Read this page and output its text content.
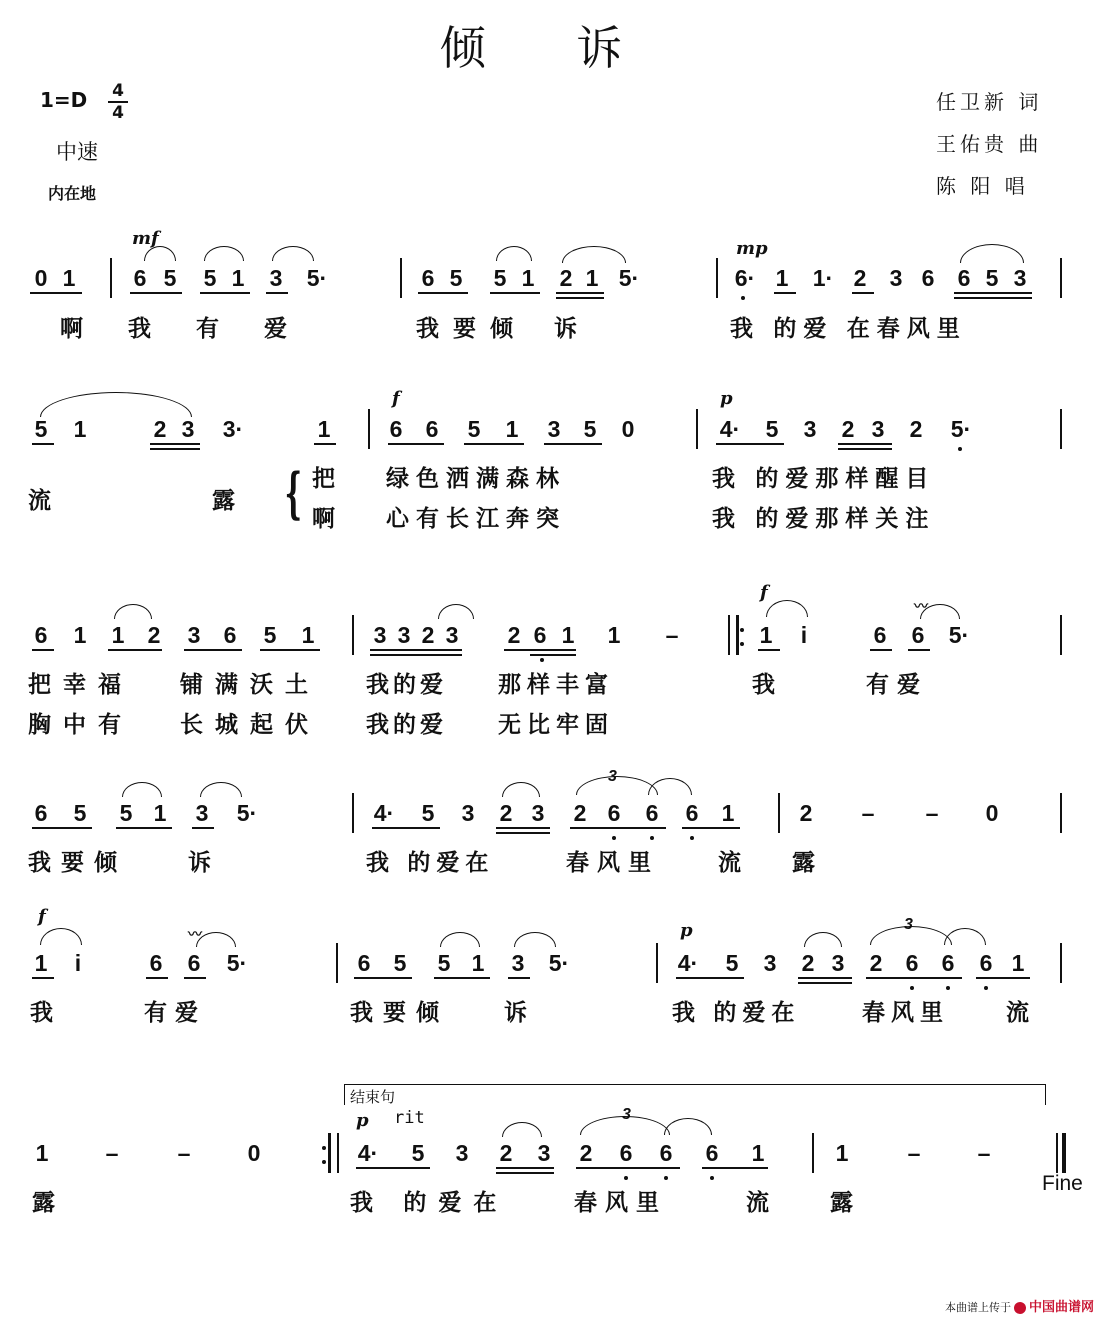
倾 诉
1=D 4
4
中速
内在地
任卫新 词
王佑贵 曲
陈 阳 唱
mf	mp
0 1	6 5 5 1 3 5·	6 5 5 1 2 1 5·	6· 1 1· 2 3 6 6 5 3
啊 我 有 爱	我要倾 诉	我 的爱 在春风里
f	p
5 1	2 3 3·	1	6 6 5 1 3 5 0	4· 5 3 2 3 2 5·
流	露 { 把 绿色洒满森林	我 的爱那样醒目
啊 心有长江奔突	我 的爱那样关注
f
6 1 1 2 3 6 5 1	3 3 2 3 2 6 1 1 –	1	i	6 6 5·
〰
把幸福 铺满沃土 我的爱 那样丰富	我	有爱
胸中有 长城起伏 我的爱 无比牢固
6 5 5 1 3 5·	4· 5 3 2 3 2 6 6 6 1
3
2 – – 0
我要倾	诉	我 的爱在	春风里	流 露
f
p
1	i	6 6 5·
〰
6 5 5 1 3 5·	4· 5 3 2 3 2 6 6 6 1
3
我	有爱	我要倾 诉	我 的爱在	春风里 流
结束句
p rit
1 –	– 0	4· 5 3 2 3 2 6 6 6 1
3
1	– –
Fine
露	我 的爱在	春风里	流 露
本曲谱上传于 中国曲谱网
